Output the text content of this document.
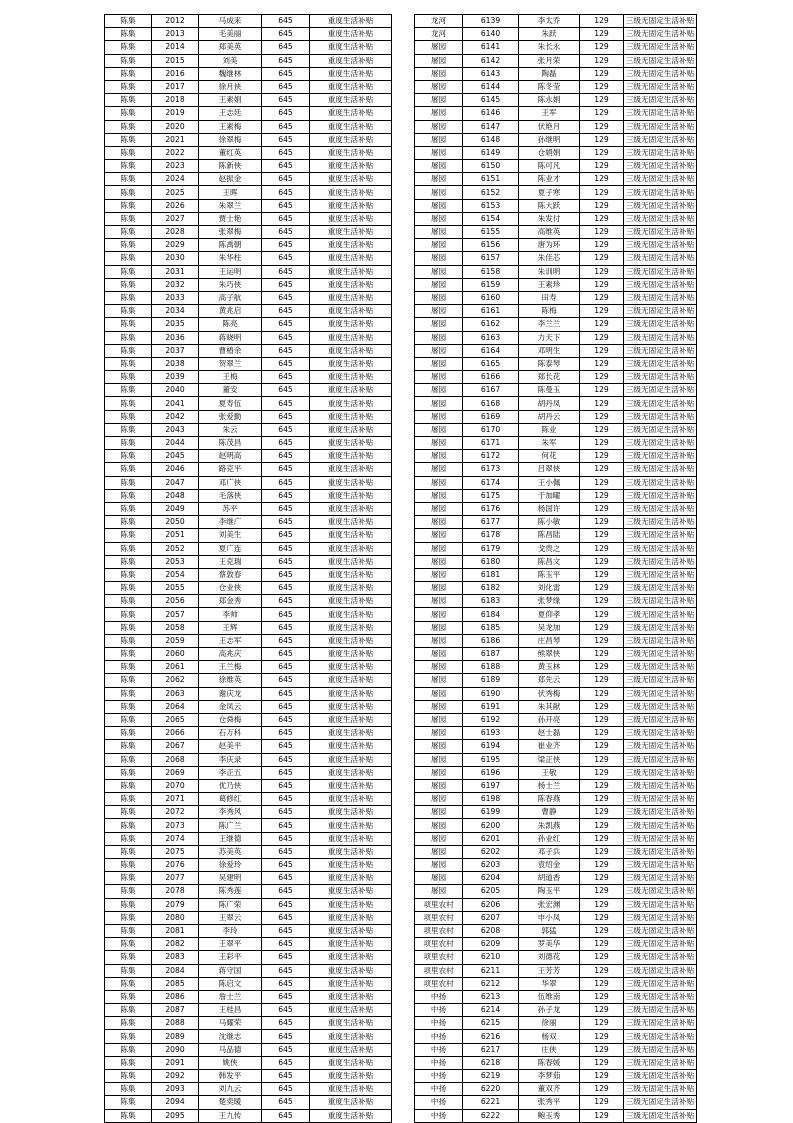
陈集	2012	马成来	645	重度生活补贴
陈集	2013	毛美丽	645	重度生活补贴
陈集	2014	郑美英	645	重度生活补贴
陈集	2015	刘美	645	重度生活补贴
陈集	2016	魏继林	645	重度生活补贴
陈集	2017	徐月侠	645	重度生活补贴
陈集	2018	王素娟	645	重度生活补贴
陈集	2019	王志廷	645	重度生活补贴
陈集	2020	王素梅	645	重度生活补贴
陈集	2021	徐翠梅	645	重度生活补贴
陈集	2022	董红英	645	重度生活补贴
陈集	2023	陈新侠	645	重度生活补贴
陈集	2024	赵振金	645	重度生活补贴
陈集	2025	王晖	645	重度生活补贴
陈集	2026	朱翠兰	645	重度生活补贴
陈集	2027	贾士艳	645	重度生活补贴
陈集	2028	张翠梅	645	重度生活补贴
陈集	2029	陈禹朝	645	重度生活补贴
陈集	2030	朱华柱	645	重度生活补贴
陈集	2031	王运明	645	重度生活补贴
陈集	2032	朱巧侠	645	重度生活补贴
陈集	2033	高子航	645	重度生活补贴
陈集	2034	黄兆启	645	重度生活补贴
陈集	2035	陈亮	645	重度生活补贴
陈集	2036	蒋晓明	645	重度生活补贴
陈集	2037	曹椿余	645	重度生活补贴
陈集	2038	贺翠兰	645	重度生活补贴
陈集	2039	王梅	645	重度生活补贴
陈集	2040	董安	645	重度生活补贴
陈集	2041	夏寿伍	645	重度生活补贴
陈集	2042	张爱勤	645	重度生活补贴
陈集	2043	朱云	645	重度生活补贴
陈集	2044	陈茂昌	645	重度生活补贴
陈集	2045	赵明高	645	重度生活补贴
陈集	2046	路克平	645	重度生活补贴
陈集	2047	邓广侠	645	重度生活补贴
陈集	2048	毛落侠	645	重度生活补贴
陈集	2049	苏平	645	重度生活补贴
陈集	2050	李继广	645	重度生活补贴
陈集	2051	刘美生	645	重度生活补贴
陈集	2052	夏广连	645	重度生活补贴
陈集	2053	王克瑞	645	重度生活补贴
陈集	2054	蔡敦春	645	重度生活补贴
陈集	2055	仓业侠	645	重度生活补贴
陈集	2056	郑金秀	645	重度生活补贴
陈集	2057	李帅	645	重度生活补贴
陈集	2058	王辉	645	重度生活补贴
陈集	2059	王志军	645	重度生活补贴
陈集	2060	高兆庆	645	重度生活补贴
陈集	2061	王兰梅	645	重度生活补贴
陈集	2062	徐维英	645	重度生活补贴
陈集	2063	谢庆龙	645	重度生活补贴
陈集	2064	金凤云	645	重度生活补贴
陈集	2065	仓舜梅	645	重度生活补贴
陈集	2066	石万科	645	重度生活补贴
陈集	2067	赵美平	645	重度生活补贴
陈集	2068	李庆录	645	重度生活补贴
陈集	2069	李正五	645	重度生活补贴
陈集	2070	优乃侠	645	重度生活补贴
陈集	2071	葛修红	645	重度生活补贴
陈集	2072	李秀风	645	重度生活补贴
陈集	2073	陈广兰	645	重度生活补贴
陈集	2074	王继德	645	重度生活补贴
陈集	2075	苏美英	645	重度生活补贴
陈集	2076	徐爱玲	645	重度生活补贴
陈集	2077	吴建明	645	重度生活补贴
陈集	2078	陈秀莲	645	重度生活补贴
陈集	2079	陈广荣	645	重度生活补贴
陈集	2080	王翠云	645	重度生活补贴
陈集	2081	李玲	645	重度生活补贴
陈集	2082	王翠平	645	重度生活补贴
陈集	2083	王彩平	645	重度生活补贴
陈集	2084	蒋守国	645	重度生活补贴
陈集	2085	陈启文	645	重度生活补贴
陈集	2086	詹士兰	645	重度生活补贴
陈集	2087	王桂昌	645	重度生活补贴
陈集	2088	马耀荣	645	重度生活补贴
陈集	2089	沈继志	645	重度生活补贴
陈集	2090	马品德	645	重度生活补贴
陈集	2091	姚侠	645	重度生活补贴
陈集	2092	韩发平	645	重度生活补贴
陈集	2093	刘九云	645	重度生活补贴
陈集	2094	楚奕暖	645	重度生活补贴
陈集	2095	王九传	645	重度生活补贴
龙河	6139	李太乔	129	三级无固定生活补贴
龙河	6140	朱跃	129	三级无固定生活补贴
屠园	6141	朱长永	129	三级无固定生活补贴
屠园	6142	张月荣	129	三级无固定生活补贴
屠园	6143	陶磊	129	三级无固定生活补贴
屠园	6144	陈冬莹	129	三级无固定生活补贴
屠园	6145	陈永娟	129	三级无固定生活补贴
屠园	6146	王军	129	三级无固定生活补贴
屠园	6147	伏艳月	129	三级无固定生活补贴
屠园	6148	孙继明	129	三级无固定生活补贴
屠园	6149	仓娟娟	129	三级无固定生活补贴
屠园	6150	陈可凡	129	三级无固定生活补贴
屠园	6151	陈业才	129	三级无固定生活补贴
屠园	6152	夏子寒	129	三级无固定生活补贴
屠园	6153	陈大跃	129	三级无固定生活补贴
屠园	6154	朱发付	129	三级无固定生活补贴
屠园	6155	高维英	129	三级无固定生活补贴
屠园	6156	唐为环	129	三级无固定生活补贴
屠园	6157	朱佳芯	129	三级无固定生活补贴
屠园	6158	朱训明	129	三级无固定生活补贴
屠园	6159	王素珍	129	三级无固定生活补贴
屠园	6160	田寿	129	三级无固定生活补贴
屠园	6161	陈梅	129	三级无固定生活补贴
屠园	6162	李兰兰	129	三级无固定生活补贴
屠园	6163	力天下	129	三级无固定生活补贴
屠园	6164	邓明生	129	三级无固定生活补贴
屠园	6165	陈泰琴	129	三级无固定生活补贴
屠园	6166	郑长花	129	三级无固定生活补贴
屠园	6167	陈曼玉	129	三级无固定生活补贴
屠园	6168	胡丹凤	129	三级无固定生活补贴
屠园	6169	胡丹云	129	三级无固定生活补贴
屠园	6170	陈业	129	三级无固定生活补贴
屠园	6171	朱军	129	三级无固定生活补贴
屠园	6172	何花	129	三级无固定生活补贴
屠园	6173	吕翠侠	129	三级无固定生活补贴
屠园	6174	王小佩	129	三级无固定生活补贴
屠园	6175	于加曜	129	三级无固定生活补贴
屠园	6176	杨国许	129	三级无固定生活补贴
屠园	6177	陈小敏	129	三级无固定生活补贴
屠园	6178	陈昌陆	129	三级无固定生活补贴
屠园	6179	戈贵之	129	三级无固定生活补贴
屠园	6180	陈昌文	129	三级无固定生活补贴
屠园	6181	陈玉平	129	三级无固定生活补贴
屠园	6182	刘化雷	129	三级无固定生活补贴
屠园	6183	张梦缘	129	三级无固定生活补贴
屠园	6184	夏仰孝	129	三级无固定生活补贴
屠园	6185	吴龙加	129	三级无固定生活补贴
屠园	6186	庄昌琴	129	三级无固定生活补贴
屠园	6187	熊翠侠	129	三级无固定生活补贴
屠园	6188	黄玉林	129	三级无固定生活补贴
屠园	6189	郑先云	129	三级无固定生活补贴
屠园	6190	伏秀梅	129	三级无固定生活补贴
屠园	6191	朱其献	129	三级无固定生活补贴
屠园	6192	孙开亮	129	三级无固定生活补贴
屠园	6193	赵士磊	129	三级无固定生活补贴
屠园	6194	崔业齐	129	三级无固定生活补贴
屠园	6195	梁正侠	129	三级无固定生活补贴
屠园	6196	王敬	129	三级无固定生活补贴
屠园	6197	杨士兰	129	三级无固定生活补贴
屠园	6198	陈春燕	129	三级无固定生活补贴
屠园	6199	曹静	129	三级无固定生活补贴
屠园	6200	朱凯燕	129	三级无固定生活补贴
屠园	6201	孙业红	129	三级无固定生活补贴
屠园	6202	邓子兵	129	三级无固定生活补贴
屠园	6203	袁绍金	129	三级无固定生活补贴
屠园	6204	胡道香	129	三级无固定生活补贴
屠园	6205	陶玉平	129	三级无固定生活补贴
项里农村	6206	张宏渊	129	三级无固定生活补贴
项里农村	6207	申小凤	129	三级无固定生活补贴
项里农村	6208	郭猛	129	三级无固定生活补贴
项里农村	6209	罗美华	129	三级无固定生活补贴
项里农村	6210	刘德花	129	三级无固定生活补贴
项里农村	6211	王芳芳	129	三级无固定生活补贴
项里农村	6212	华翠	129	三级无固定生活补贴
中扬	6213	伍维南	129	三级无固定生活补贴
中扬	6214	孙子龙	129	三级无固定生活补贴
中扬	6215	徐丽	129	三级无固定生活补贴
中扬	6216	杨双	129	三级无固定生活补贴
中扬	6217	庄侠	129	三级无固定生活补贴
中扬	6218	陈春媛	129	三级无固定生活补贴
中扬	6219	李梦茹	129	三级无固定生活补贴
中扬	6220	董双齐	129	三级无固定生活补贴
中扬	6221	张秀平	129	三级无固定生活补贴
中扬	6222	鲍玉秀	129	三级无固定生活补贴
